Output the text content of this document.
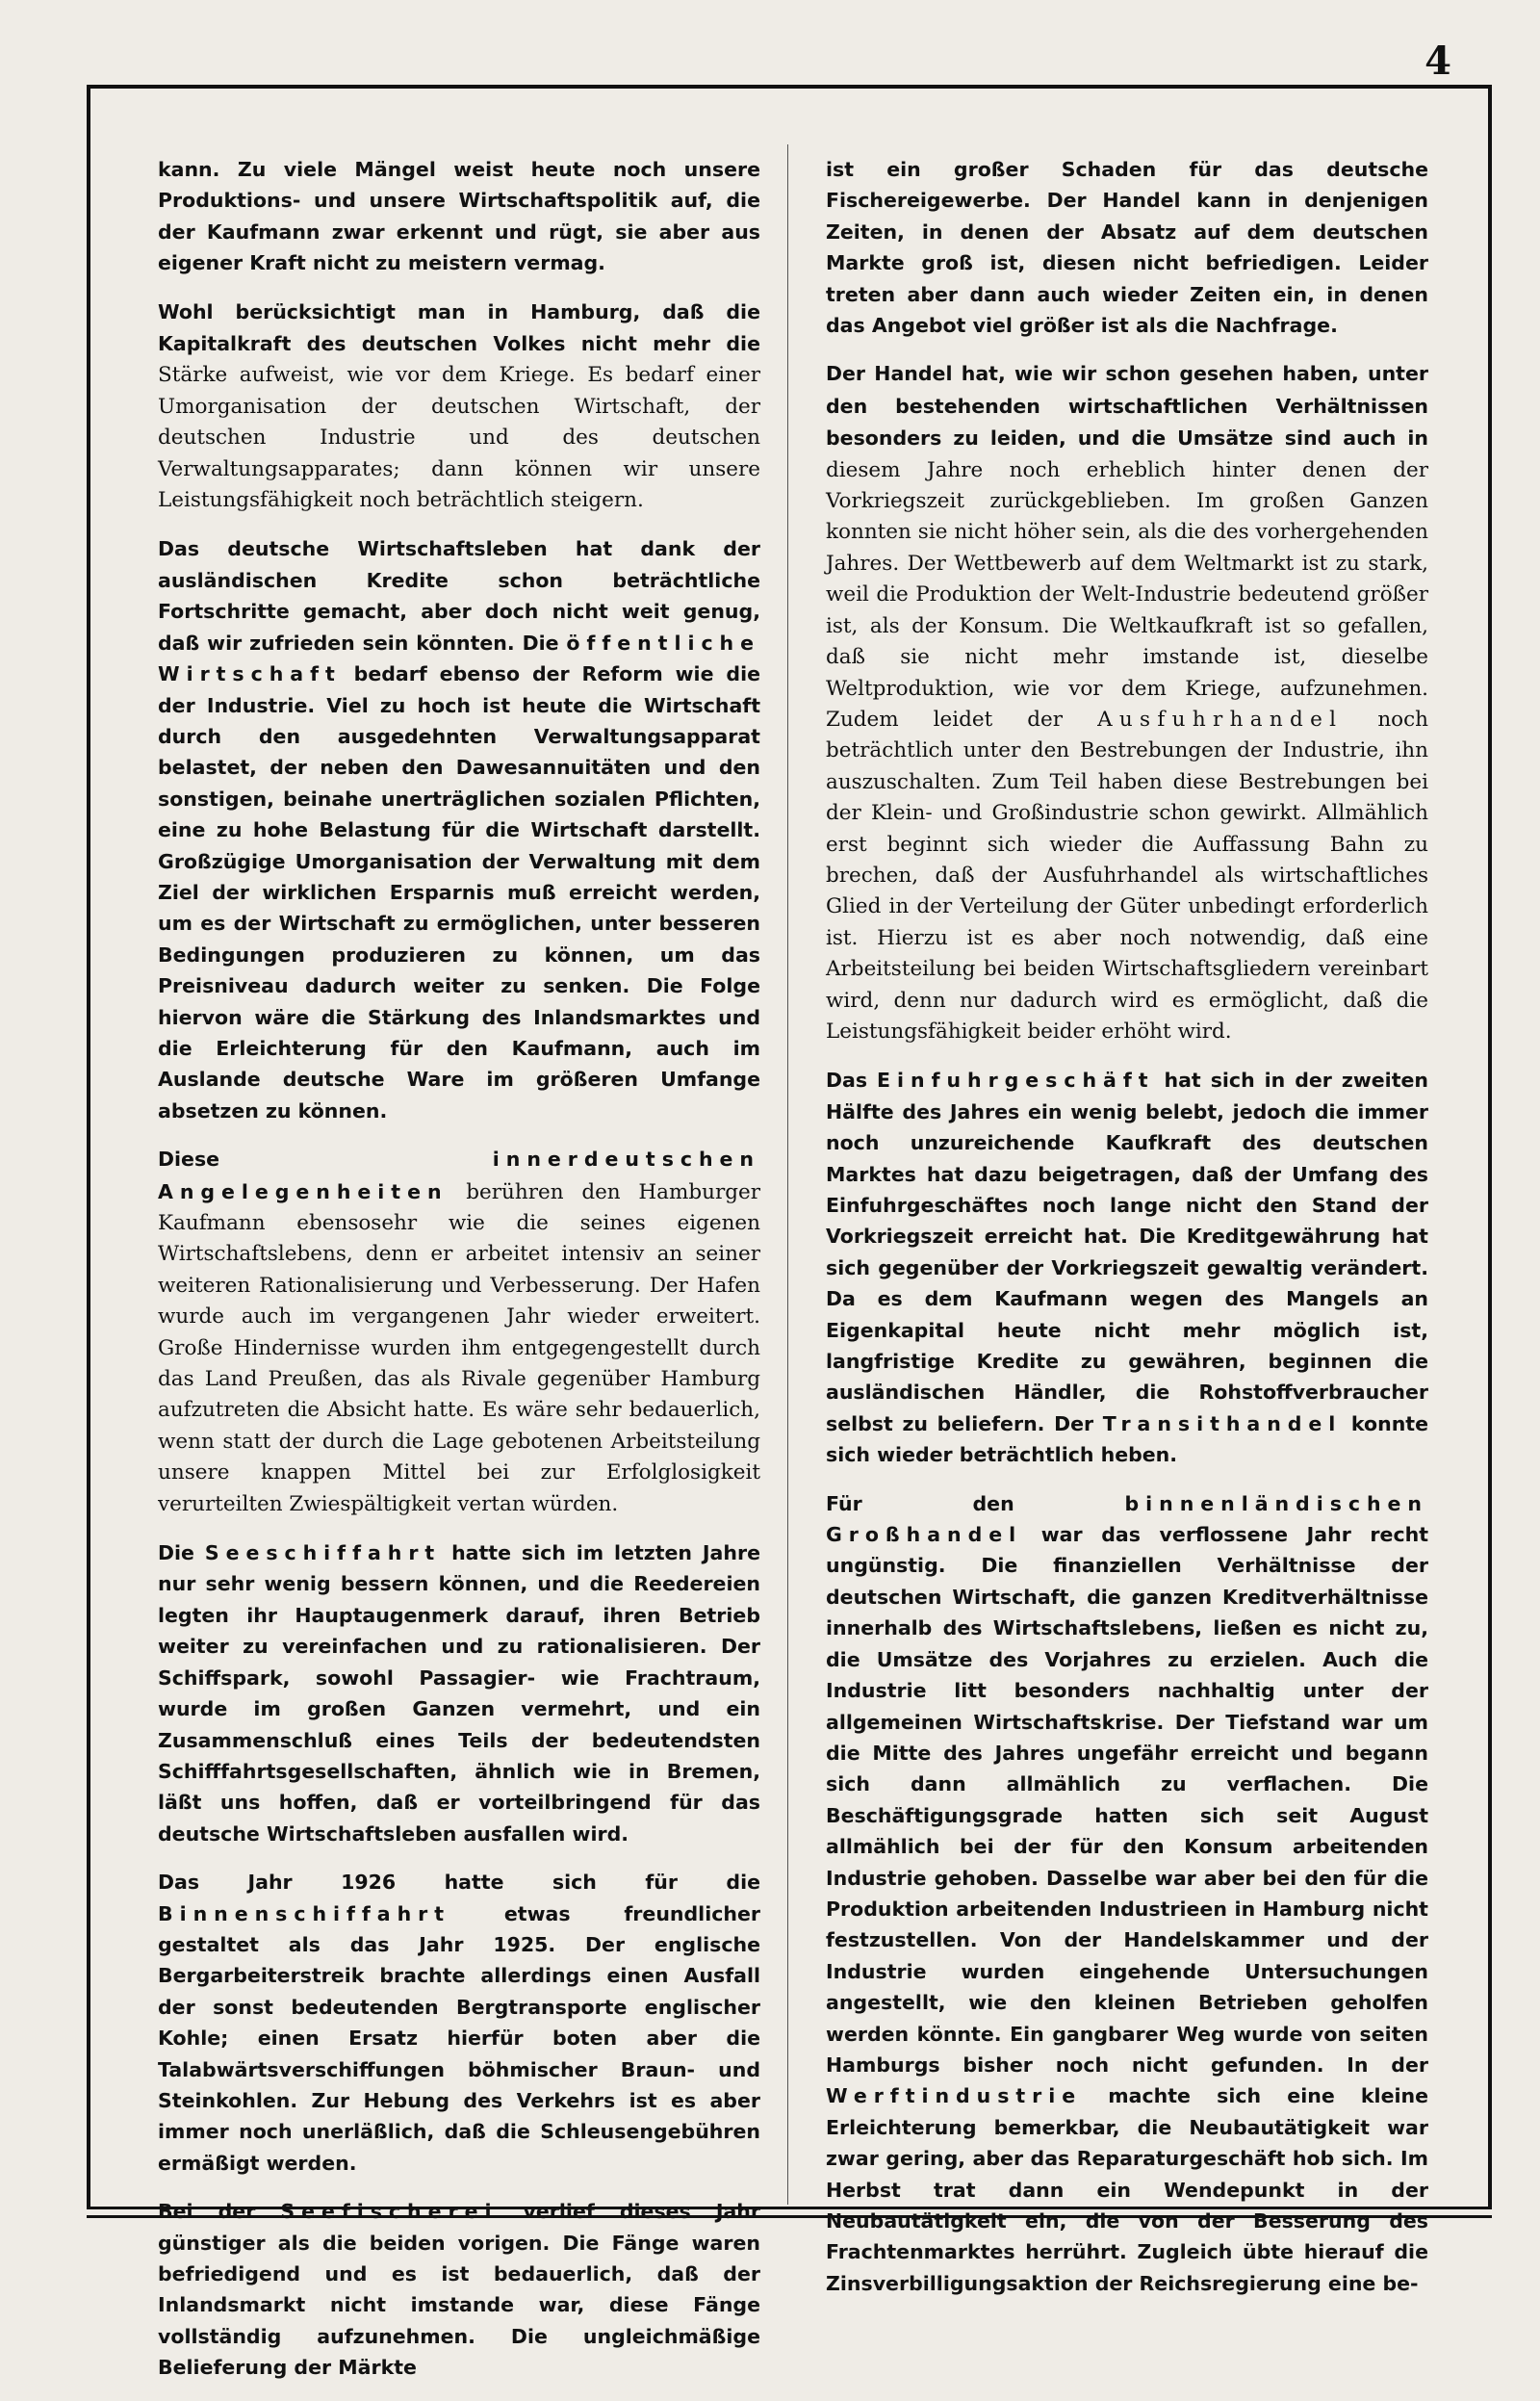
4

kann. Zu viele Mängel weist heute noch unsere Produktions- und unsere Wirtschaftspolitik auf, die der Kaufmann zwar erkennt und rügt, sie aber aus eigener Kraft nicht zu meistern vermag.

Wohl berücksichtigt man in Hamburg, daß die Kapitalkraft des deutschen Volkes nicht mehr die Stärke aufweist, wie vor dem Kriege. Es bedarf einer Umorganisation der deutschen Wirtschaft, der deutschen Industrie und des deutschen Verwaltungsapparates; dann können wir unsere Leistungsfähigkeit noch beträchtlich steigern.

Das deutsche Wirtschaftsleben hat dank der ausländischen Kredite schon beträchtliche Fortschritte gemacht, aber doch nicht weit genug, daß wir zufrieden sein könnten. Die öffentliche Wirtschaft bedarf ebenso der Reform wie die der Industrie. Viel zu hoch ist heute die Wirtschaft durch den ausgedehnten Verwaltungsapparat belastet, der neben den Dawesannuitäten und den sonstigen, beinahe unerträglichen sozialen Pflichten, eine zu hohe Belastung für die Wirtschaft darstellt. Großzügige Umorganisation der Verwaltung mit dem Ziel der wirklichen Ersparnis muß erreicht werden, um es der Wirtschaft zu ermöglichen, unter besseren Bedingungen produzieren zu können, um das Preisniveau dadurch weiter zu senken. Die Folge hiervon wäre die Stärkung des Inlandsmarktes und die Erleichterung für den Kaufmann, auch im Auslande deutsche Ware im größeren Umfange absetzen zu können.

Diese innerdeutschen Angelegenheiten berühren den Hamburger Kaufmann ebensosehr wie die seines eigenen Wirtschaftslebens, denn er arbeitet intensiv an seiner weiteren Rationalisierung und Verbesserung. Der Hafen wurde auch im vergangenen Jahr wieder erweitert. Große Hindernisse wurden ihm entgegengestellt durch das Land Preußen, das als Rivale gegenüber Hamburg aufzutreten die Absicht hatte. Es wäre sehr bedauerlich, wenn statt der durch die Lage gebotenen Arbeitsteilung unsere knappen Mittel bei zur Erfolglosigkeit verurteilten Zwiespältigkeit vertan würden.

Die Seeschiffahrt hatte sich im letzten Jahre nur sehr wenig bessern können, und die Reedereien legten ihr Hauptaugenmerk darauf, ihren Betrieb weiter zu vereinfachen und zu rationalisieren. Der Schiffspark, sowohl Passagier- wie Frachtraum, wurde im großen Ganzen vermehrt, und ein Zusammenschluß eines Teils der bedeutendsten Schifffahrtsgesellschaften, ähnlich wie in Bremen, läßt uns hoffen, daß er vorteilbringend für das deutsche Wirtschaftsleben ausfallen wird.

Das Jahr 1926 hatte sich für die Binnenschiffahrt etwas freundlicher gestaltet als das Jahr 1925. Der englische Bergarbeiterstreik brachte allerdings einen Ausfall der sonst bedeutenden Bergtransporte englischer Kohle; einen Ersatz hierfür boten aber die Talabwärtsverschiffungen böhmischer Braun- und Steinkohlen. Zur Hebung des Verkehrs ist es aber immer noch unerläßlich, daß die Schleusengebühren ermäßigt werden.

Bei der Seefischerei verlief dieses Jahr günstiger als die beiden vorigen. Die Fänge waren befriedigend und es ist bedauerlich, daß der Inlandsmarkt nicht imstande war, diese Fänge vollständig aufzunehmen. Die ungleichmäßige Belieferung der Märkte

ist ein großer Schaden für das deutsche Fischereigewerbe. Der Handel kann in denjenigen Zeiten, in denen der Absatz auf dem deutschen Markte groß ist, diesen nicht befriedigen. Leider treten aber dann auch wieder Zeiten ein, in denen das Angebot viel größer ist als die Nachfrage.

Der Handel hat, wie wir schon gesehen haben, unter den bestehenden wirtschaftlichen Verhältnissen besonders zu leiden, und die Umsätze sind auch in diesem Jahre noch erheblich hinter denen der Vorkriegszeit zurückgeblieben. Im großen Ganzen konnten sie nicht höher sein, als die des vorhergehenden Jahres. Der Wettbewerb auf dem Weltmarkt ist zu stark, weil die Produktion der Welt-Industrie bedeutend größer ist, als der Konsum. Die Weltkaufkraft ist so gefallen, daß sie nicht mehr imstande ist, dieselbe Weltproduktion, wie vor dem Kriege, aufzunehmen. Zudem leidet der Ausfuhrhandel noch beträchtlich unter den Bestrebungen der Industrie, ihn auszuschalten. Zum Teil haben diese Bestrebungen bei der Klein- und Großindustrie schon gewirkt. Allmählich erst beginnt sich wieder die Auffassung Bahn zu brechen, daß der Ausfuhrhandel als wirtschaftliches Glied in der Verteilung der Güter unbedingt erforderlich ist. Hierzu ist es aber noch notwendig, daß eine Arbeitsteilung bei beiden Wirtschaftsgliedern vereinbart wird, denn nur dadurch wird es ermöglicht, daß die Leistungsfähigkeit beider erhöht wird.

Das Einfuhrgeschäft hat sich in der zweiten Hälfte des Jahres ein wenig belebt, jedoch die immer noch unzureichende Kaufkraft des deutschen Marktes hat dazu beigetragen, daß der Umfang des Einfuhrgeschäftes noch lange nicht den Stand der Vorkriegszeit erreicht hat. Die Kreditgewährung hat sich gegenüber der Vorkriegszeit gewaltig verändert. Da es dem Kaufmann wegen des Mangels an Eigenkapital heute nicht mehr möglich ist, langfristige Kredite zu gewähren, beginnen die ausländischen Händler, die Rohstoffverbraucher selbst zu beliefern. Der Transithandel konnte sich wieder beträchtlich heben.

Für den binnenländischen Großhandel war das verflossene Jahr recht ungünstig. Die finanziellen Verhältnisse der deutschen Wirtschaft, die ganzen Kreditverhältnisse innerhalb des Wirtschaftslebens, ließen es nicht zu, die Umsätze des Vorjahres zu erzielen. Auch die Industrie litt besonders nachhaltig unter der allgemeinen Wirtschaftskrise. Der Tiefstand war um die Mitte des Jahres ungefähr erreicht und begann sich dann allmählich zu verflachen. Die Beschäftigungsgrade hatten sich seit August allmählich bei der für den Konsum arbeitenden Industrie gehoben. Dasselbe war aber bei den für die Produktion arbeitenden Industrieen in Hamburg nicht festzustellen. Von der Handelskammer und der Industrie wurden eingehende Untersuchungen angestellt, wie den kleinen Betrieben geholfen werden könnte. Ein gangbarer Weg wurde von seiten Hamburgs bisher noch nicht gefunden. In der Werftindustrie machte sich eine kleine Erleichterung bemerkbar, die Neubautätigkeit war zwar gering, aber das Reparaturgeschäft hob sich. Im Herbst trat dann ein Wendepunkt in der Neubautätigkeit ein, die von der Besserung des Frachtenmarktes herrührt. Zugleich übte hierauf die Zinsverbilligungsaktion der Reichsregierung eine be-
